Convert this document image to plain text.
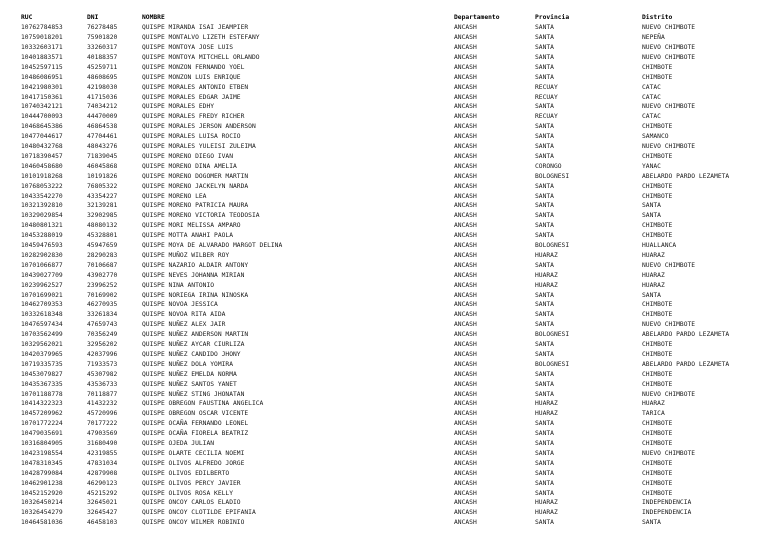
RUC	DNI	NOMBRE	Departamento	Provincia	Distrito
10762784853	76278485	QUISPE MIRANDA ISAI JEAMPIER	ANCASH	SANTA	NUEVO CHIMBOTE
10759018201	75901820	QUISPE MONTALVO LIZETH ESTEFANY	ANCASH	SANTA	NEPEÑA
10332603171	33260317	QUISPE MONTOYA JOSE LUIS	ANCASH	SANTA	NUEVO CHIMBOTE
10401883571	40188357	QUISPE MONTOYA MITCHELL ORLANDO	ANCASH	SANTA	NUEVO CHIMBOTE
10452597115	45259711	QUISPE MONZON FERNANDO YOEL	ANCASH	SANTA	CHIMBOTE
10486086951	48608695	QUISPE MONZON LUIS ENRIQUE	ANCASH	SANTA	CHIMBOTE
10421980301	42198030	QUISPE MORALES ANTONIO ETBEN	ANCASH	RECUAY	CATAC
10417150361	41715036	QUISPE MORALES EDGAR JAIME	ANCASH	RECUAY	CATAC
10740342121	74034212	QUISPE MORALES EDHY	ANCASH	SANTA	NUEVO CHIMBOTE
10444700093	44470009	QUISPE MORALES FREDY RICHER	ANCASH	RECUAY	CATAC
10468645386	46864538	QUISPE MORALES JERSON ANDERSON	ANCASH	SANTA	CHIMBOTE
10477044617	47704461	QUISPE MORALES LUISA ROCIO	ANCASH	SANTA	SAMANCO
10480432768	48043276	QUISPE MORALES YULEISI ZULEIMA	ANCASH	SANTA	NUEVO CHIMBOTE
10718390457	71839045	QUISPE MORENO DIEGO IVAN	ANCASH	SANTA	CHIMBOTE
10460458680	46045868	QUISPE MORENO DINA AMELIA	ANCASH	CORONGO	YANAC
10101918268	10191826	QUISPE MORENO DOGOMER MARTIN	ANCASH	BOLOGNESI	ABELARDO PARDO LEZAMETA
10768053222	76805322	QUISPE MORENO JACKELYN NARDA	ANCASH	SANTA	CHIMBOTE
10433542270	43354227	QUISPE MORENO LEA	ANCASH	SANTA	CHIMBOTE
10321392810	32139281	QUISPE MORENO PATRICIA MAURA	ANCASH	SANTA	SANTA
10329029854	32902985	QUISPE MORENO VICTORIA TEODOSIA	ANCASH	SANTA	SANTA
10480801321	48080132	QUISPE MORI MELISSA AMPARO	ANCASH	SANTA	CHIMBOTE
10453288019	45328801	QUISPE MOTTA ANAHI PAOLA	ANCASH	SANTA	CHIMBOTE
10459476593	45947659	QUISPE MOYA DE ALVARADO MARGOT DELINA	ANCASH	BOLOGNESI	HUALLANCA
10282902830	28290283	QUISPE MUÑOZ WILBER ROY	ANCASH	HUARAZ	HUARAZ
10701066877	70106687	QUISPE NAZARIO ALDAIR ANTONY	ANCASH	SANTA	NUEVO CHIMBOTE
10439027709	43902770	QUISPE NEVES JOHANNA MIRIAN	ANCASH	HUARAZ	HUARAZ
10239962527	23996252	QUISPE NINA ANTONIO	ANCASH	HUARAZ	HUARAZ
10701699021	70169902	QUISPE NORIEGA IRINA NINOSKA	ANCASH	SANTA	SANTA
10462709353	46270935	QUISPE NOVOA JESSICA	ANCASH	SANTA	CHIMBOTE
10332618348	33261834	QUISPE NOVOA RITA AIDA	ANCASH	SANTA	CHIMBOTE
10476597434	47659743	QUISPE NUÑEZ ALEX JAIR	ANCASH	SANTA	NUEVO CHIMBOTE
10703562499	70356249	QUISPE NUÑEZ ANDERSON MARTIN	ANCASH	BOLOGNESI	ABELARDO PARDO LEZAMETA
10329562021	32956202	QUISPE NUÑEZ AYCAR CIURLIZA	ANCASH	SANTA	CHIMBOTE
10420379965	42037996	QUISPE NUÑEZ CANDIDO JHONY	ANCASH	SANTA	CHIMBOTE
10719335735	71933573	QUISPE NUÑEZ DOLA YOMIRA	ANCASH	BOLOGNESI	ABELARDO PARDO LEZAMETA
10453079827	45307982	QUISPE NUÑEZ EMELDA NORMA	ANCASH	SANTA	CHIMBOTE
10435367335	43536733	QUISPE NUÑEZ SANTOS YANET	ANCASH	SANTA	CHIMBOTE
10701188778	70118877	QUISPE NUÑEZ STING JHONATAN	ANCASH	SANTA	NUEVO CHIMBOTE
10414322323	41432232	QUISPE OBREGON FAUSTINA ANGELICA	ANCASH	HUARAZ	HUARAZ
10457209962	45720996	QUISPE OBREGON OSCAR VICENTE	ANCASH	HUARAZ	TARICA
10701772224	70177222	QUISPE OCAÑA FERNANDO LEONEL	ANCASH	SANTA	CHIMBOTE
10479035691	47903569	QUISPE OCAÑA FIORELA BEATRIZ	ANCASH	SANTA	CHIMBOTE
10316804905	31680490	QUISPE OJEDA JULIAN	ANCASH	SANTA	CHIMBOTE
10423198554	42319855	QUISPE OLARTE CECILIA NOEMI	ANCASH	SANTA	NUEVO CHIMBOTE
10478310345	47831034	QUISPE OLIVOS ALFREDO JORGE	ANCASH	SANTA	CHIMBOTE
10428799084	42879908	QUISPE OLIVOS EDILBERTO	ANCASH	SANTA	CHIMBOTE
10462901238	46290123	QUISPE OLIVOS PERCY JAVIER	ANCASH	SANTA	CHIMBOTE
10452152920	45215292	QUISPE OLIVOS ROSA KELLY	ANCASH	SANTA	CHIMBOTE
10326450214	32645021	QUISPE ONCOY CARLOS ELADIO	ANCASH	HUARAZ	INDEPENDENCIA
10326454279	32645427	QUISPE ONCOY CLOTILDE EPIFANIA	ANCASH	HUARAZ	INDEPENDENCIA
10464581036	46458103	QUISPE ONCOY WILMER ROBINIO	ANCASH	SANTA	SANTA
